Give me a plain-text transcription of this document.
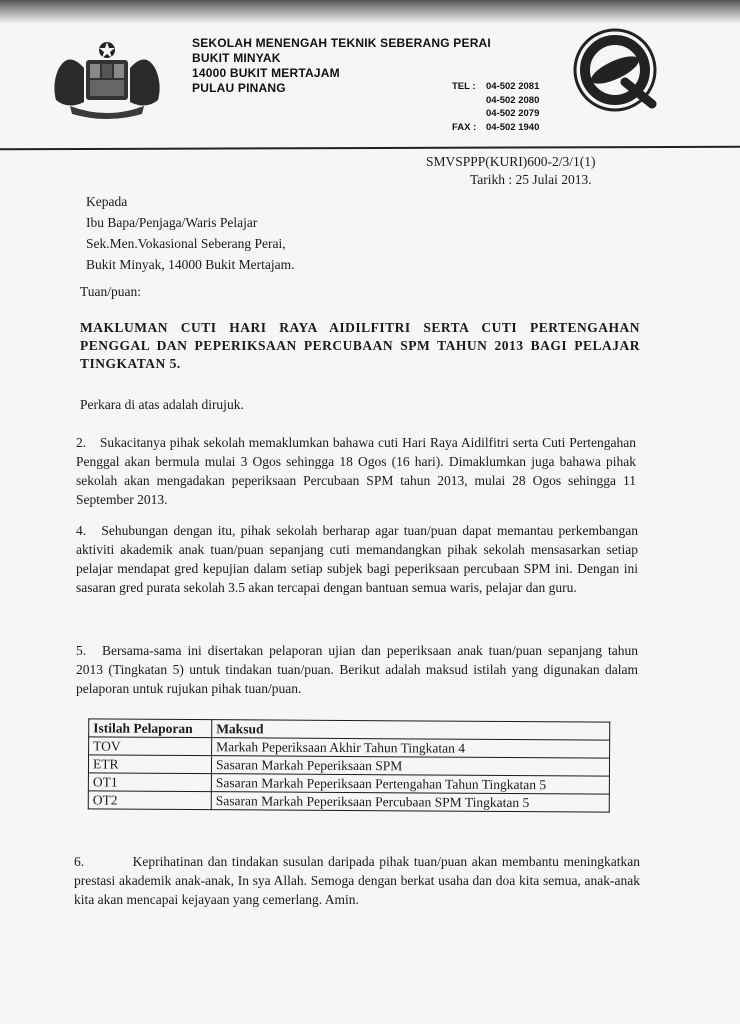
SEKOLAH MENENGAH TEKNIK SEBERANG PERAI
BUKIT MINYAK
14000 BUKIT MERTAJAM
PULAU PINANG	TEL :	04-502 2081
04-502 2080
04-502 2079
FAX :	04-502 1940
SMVSPPP(KURI)600-2/3/1(1)
Tarikh : 25 Julai 2013.
Kepada
Ibu Bapa/Penjaga/Waris Pelajar
Sek.Men.Vokasional Seberang Perai,
Bukit Minyak, 14000 Bukit Mertajam.
Tuan/puan:
MAKLUMAN CUTI HARI RAYA AIDILFITRI SERTA CUTI PERTENGAHAN PENGGAL DAN PEPERIKSAAN PERCUBAAN SPM TAHUN 2013 BAGI PELAJAR TINGKATAN 5.
Perkara di atas adalah dirujuk.
2. Sukacitanya pihak sekolah memaklumkan bahawa cuti Hari Raya Aidilfitri serta Cuti Pertengahan Penggal akan bermula mulai 3 Ogos sehingga 18 Ogos (16 hari). Dimaklumkan juga bahawa pihak sekolah akan mengadakan peperiksaan Percubaan SPM tahun 2013, mulai 28 Ogos sehingga 11 September 2013.
4. Sehubungan dengan itu, pihak sekolah berharap agar tuan/puan dapat memantau perkembangan aktiviti akademik anak tuan/puan sepanjang cuti memandangkan pihak sekolah mensasarkan setiap pelajar mendapat gred kepujian dalam setiap subjek bagi peperiksaan percubaan SPM ini. Dengan ini sasaran gred purata sekolah 3.5 akan tercapai dengan bantuan semua waris, pelajar dan guru.
5. Bersama-sama ini disertakan pelaporan ujian dan peperiksaan anak tuan/puan sepanjang tahun 2013 (Tingkatan 5) untuk tindakan tuan/puan. Berikut adalah maksud istilah yang digunakan dalam pelaporan untuk rujukan pihak tuan/puan.
Istilah Pelaporan	Maksud
TOV	Markah Peperiksaan Akhir Tahun Tingkatan 4
ETR	Sasaran Markah Peperiksaan SPM
OT1	Sasaran Markah Peperiksaan Pertengahan Tahun Tingkatan 5
OT2	Sasaran Markah Peperiksaan Percubaan SPM Tingkatan 5
6.	Keprihatinan dan tindakan susulan daripada pihak tuan/puan akan membantu meningkatkan prestasi akademik anak-anak, In sya Allah. Semoga dengan berkat usaha dan doa kita semua, anak-anak kita akan mencapai kejayaan yang cemerlang. Amin.
